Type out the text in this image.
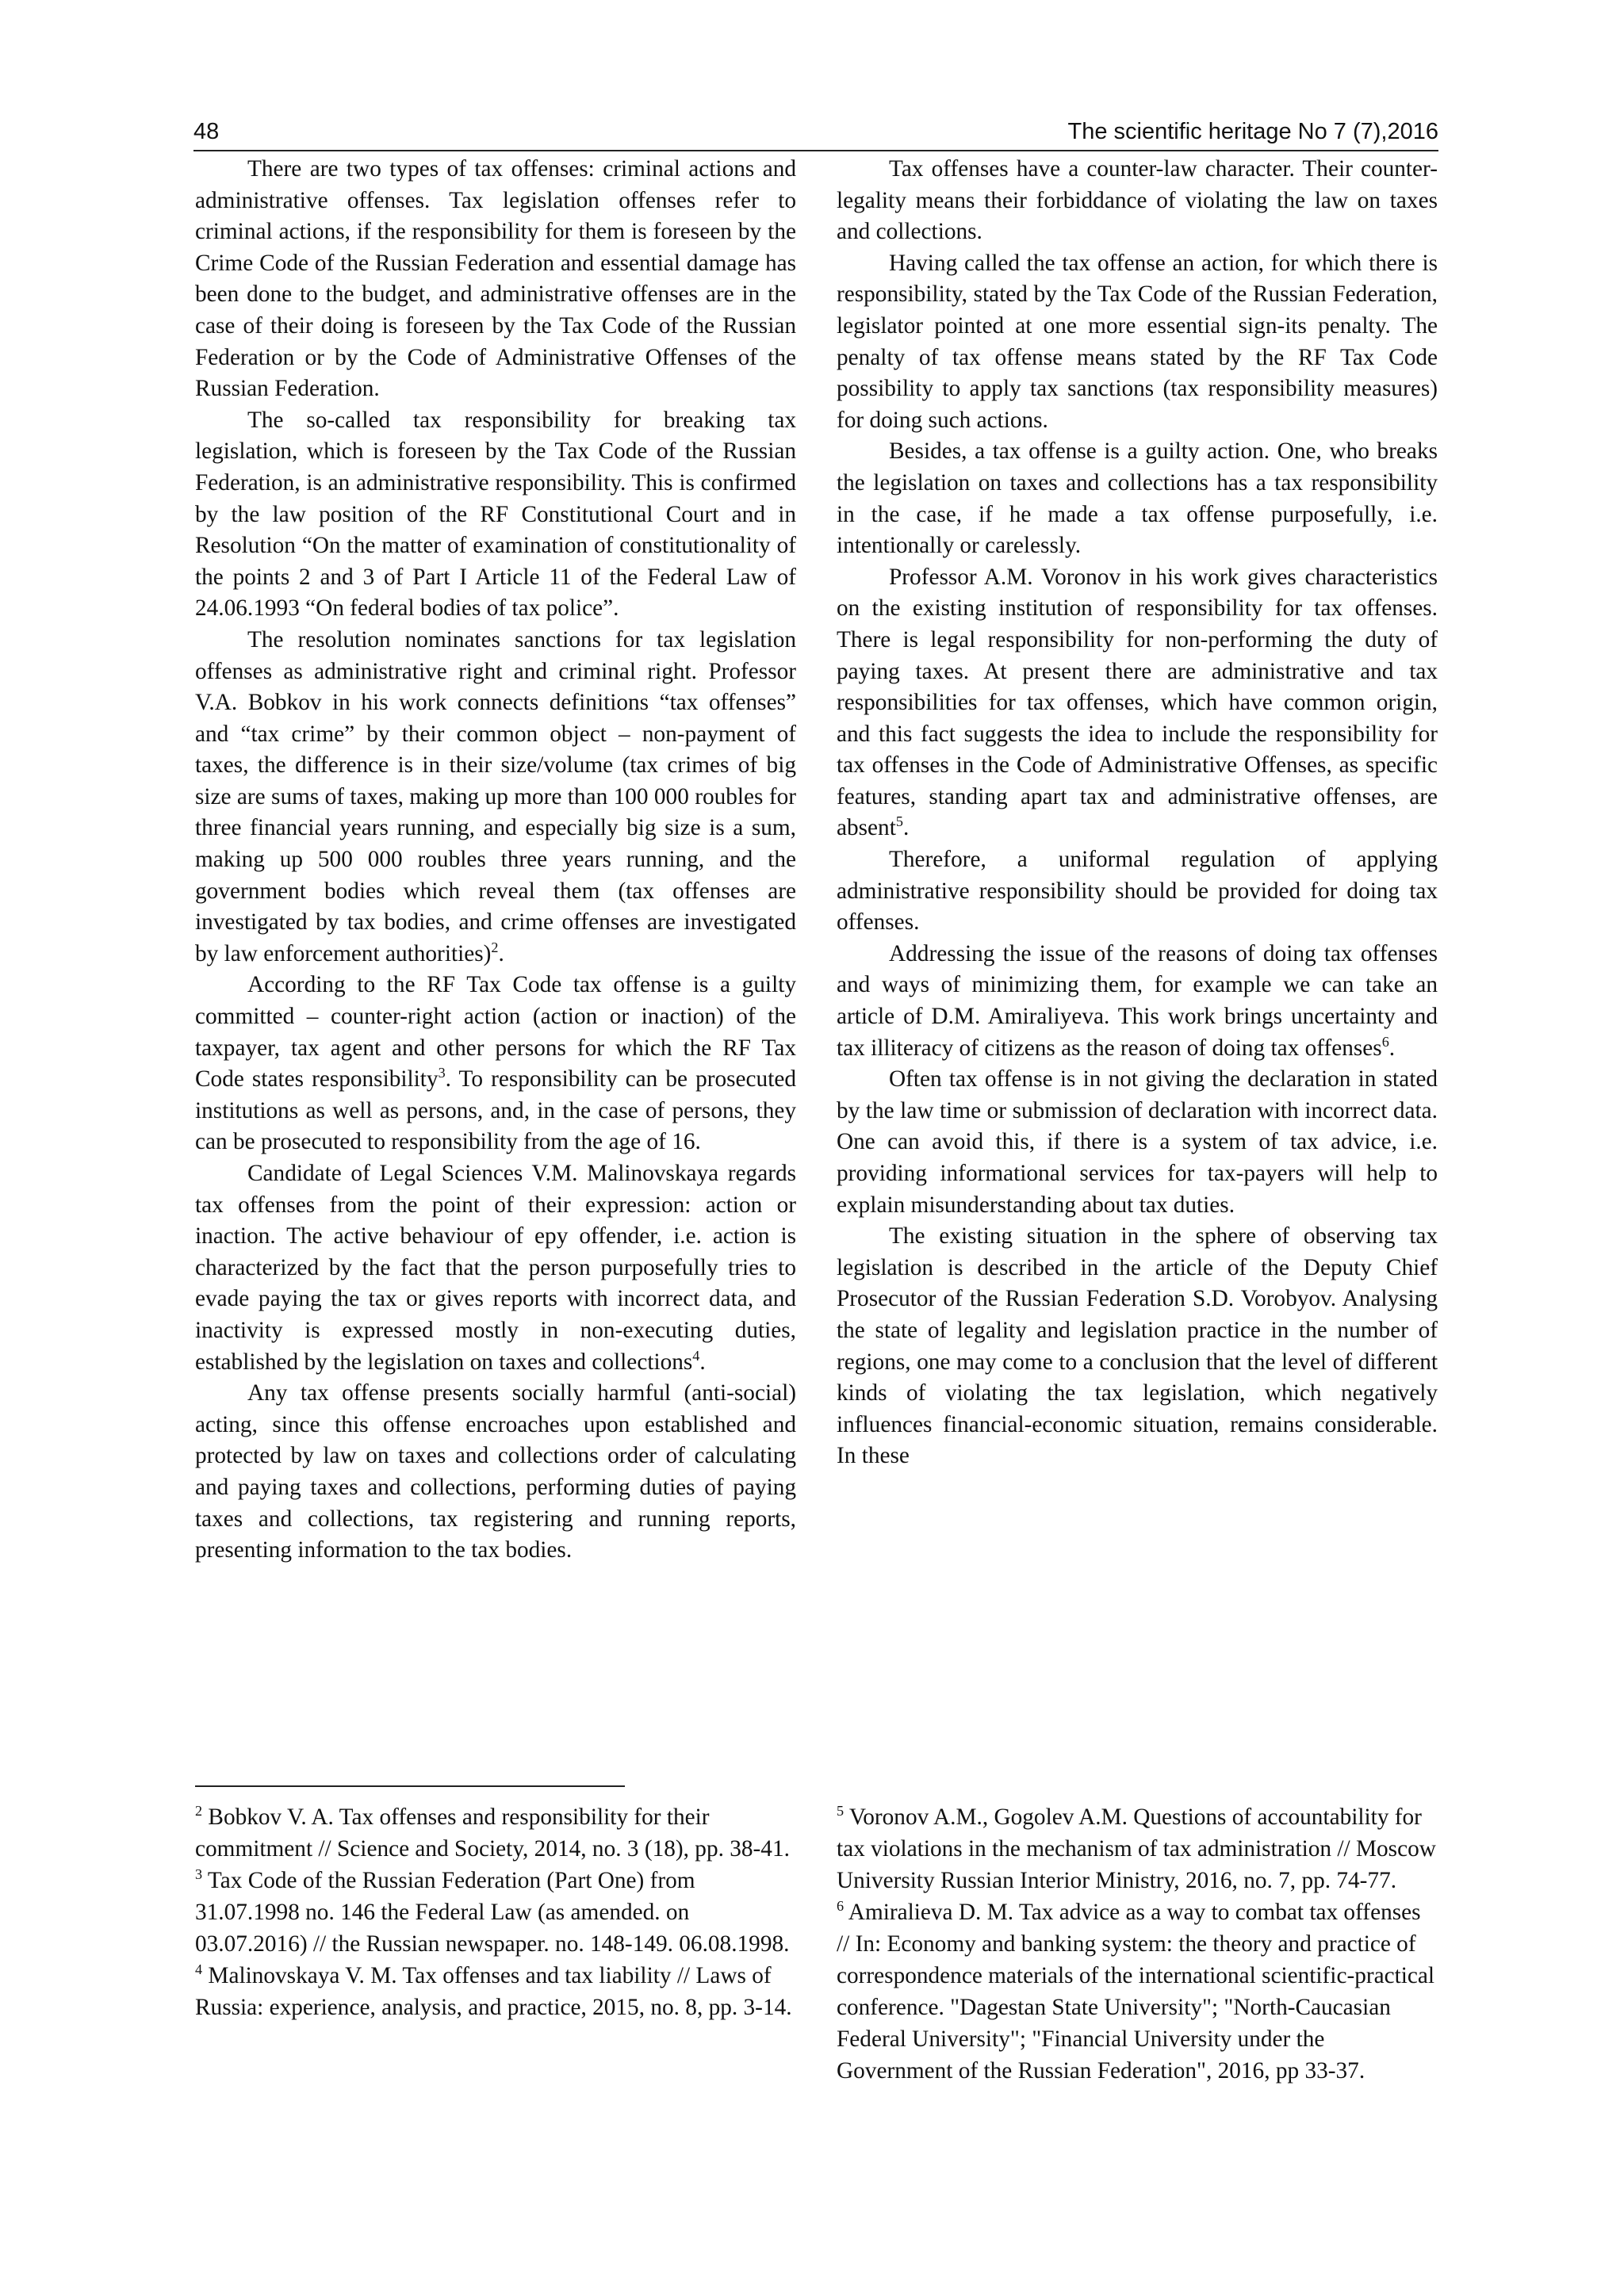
48	The scientific heritage No 7 (7),2016

There are two types of tax offenses: criminal actions and administrative offenses. Tax legislation offenses refer to criminal actions, if the responsibility for them is foreseen by the Crime Code of the Russian Federation and essential damage has been done to the budget, and administrative offenses are in the case of their doing is foreseen by the Tax Code of the Russian Federation or by the Code of Administrative Offenses of the Russian Federation.

The so-called tax responsibility for breaking tax legislation, which is foreseen by the Tax Code of the Russian Federation, is an administrative responsibility. This is confirmed by the law position of the RF Constitutional Court and in Resolution “On the matter of examination of constitutionality of the points 2 and 3 of Part I Article 11 of the Federal Law of 24.06.1993 “On federal bodies of tax police”.

The resolution nominates sanctions for tax legislation offenses as administrative right and criminal right. Professor V.A. Bobkov in his work connects definitions “tax offenses” and “tax crime” by their common object – non-payment of taxes, the difference is in their size/volume (tax crimes of big size are sums of taxes, making up more than 100 000 roubles for three financial years running, and especially big size is a sum, making up 500 000 roubles three years running, and the government bodies which reveal them (tax offenses are investigated by tax bodies, and crime offenses are investigated by law enforcement authorities)$^2$.

According to the RF Tax Code tax offense is a guilty committed – counter-right action (action or inaction) of the taxpayer, tax agent and other persons for which the RF Tax Code states responsibility$^3$. To responsibility can be prosecuted institutions as well as persons, and, in the case of persons, they can be prosecuted to responsibility from the age of 16.

Candidate of Legal Sciences V.M. Malinovskaya regards tax offenses from the point of their expression: action or inaction. The active behaviour of epy offender, i.e. action is characterized by the fact that the person purposefully tries to evade paying the tax or gives reports with incorrect data, and inactivity is expressed mostly in non-executing duties, established by the legislation on taxes and collections$^4$.

Any tax offense presents socially harmful (anti-social) acting, since this offense encroaches upon established and protected by law on taxes and collections order of calculating and paying taxes and collections, performing duties of paying taxes and collections, tax registering and running reports, presenting information to the tax bodies.

Tax offenses have a counter-law character. Their counter-legality means their forbiddance of violating the law on taxes and collections.

Having called the tax offense an action, for which there is responsibility, stated by the Tax Code of the Russian Federation, legislator pointed at one more essential sign-its penalty. The penalty of tax offense means stated by the RF Tax Code possibility to apply tax sanctions (tax responsibility measures) for doing such actions.

Besides, a tax offense is a guilty action. One, who breaks the legislation on taxes and collections has a tax responsibility in the case, if he made a tax offense purposefully, i.e. intentionally or carelessly.

Professor A.M. Voronov in his work gives characteristics on the existing institution of responsibility for tax offenses. There is legal responsibility for non-performing the duty of paying taxes. At present there are administrative and tax responsibilities for tax offenses, which have common origin, and this fact suggests the idea to include the responsibility for tax offenses in the Code of Administrative Offenses, as specific features, standing apart tax and administrative offenses, are absent$^5$.

Therefore, a uniformal regulation of applying administrative responsibility should be provided for doing tax offenses.

Addressing the issue of the reasons of doing tax offenses and ways of minimizing them, for example we can take an article of D.M. Amiraliyeva. This work brings uncertainty and tax illiteracy of citizens as the reason of doing tax offenses$^6$.

Often tax offense is in not giving the declaration in stated by the law time or submission of declaration with incorrect data. One can avoid this, if there is a system of tax advice, i.e. providing informational services for tax-payers will help to explain misunderstanding about tax duties.

The existing situation in the sphere of observing tax legislation is described in the article of the Deputy Chief Prosecutor of the Russian Federation S.D. Vorobyov. Analysing the state of legality and legislation practice in the number of regions, one may come to a conclusion that the level of different kinds of violating the tax legislation, which negatively influences financial-economic situation, remains considerable. In these

$^2$ Bobkov V. A. Tax offenses and responsibility for their commitment // Science and Society, 2014, no. 3 (18), pp. 38-41.

$^3$ Tax Code of the Russian Federation (Part One) from 31.07.1998 no. 146 the Federal Law (as amended. on 03.07.2016) // the Russian newspaper. no. 148-149. 06.08.1998.

$^4$ Malinovskaya V. M. Tax offenses and tax liability // Laws of Russia: experience, analysis, and practice, 2015, no. 8, pp. 3-14.

$^5$ Voronov A.M., Gogolev A.M. Questions of accountability for tax violations in the mechanism of tax administration // Moscow University Russian Interior Ministry, 2016, no. 7, pp. 74-77.

$^6$ Amiralieva D. M. Tax advice as a way to combat tax offenses // In: Economy and banking system: the theory and practice of correspondence materials of the international scientific-practical conference. "Dagestan State University"; "North-Caucasian Federal University"; "Financial University under the Government of the Russian Federation", 2016, pp 33-37.
